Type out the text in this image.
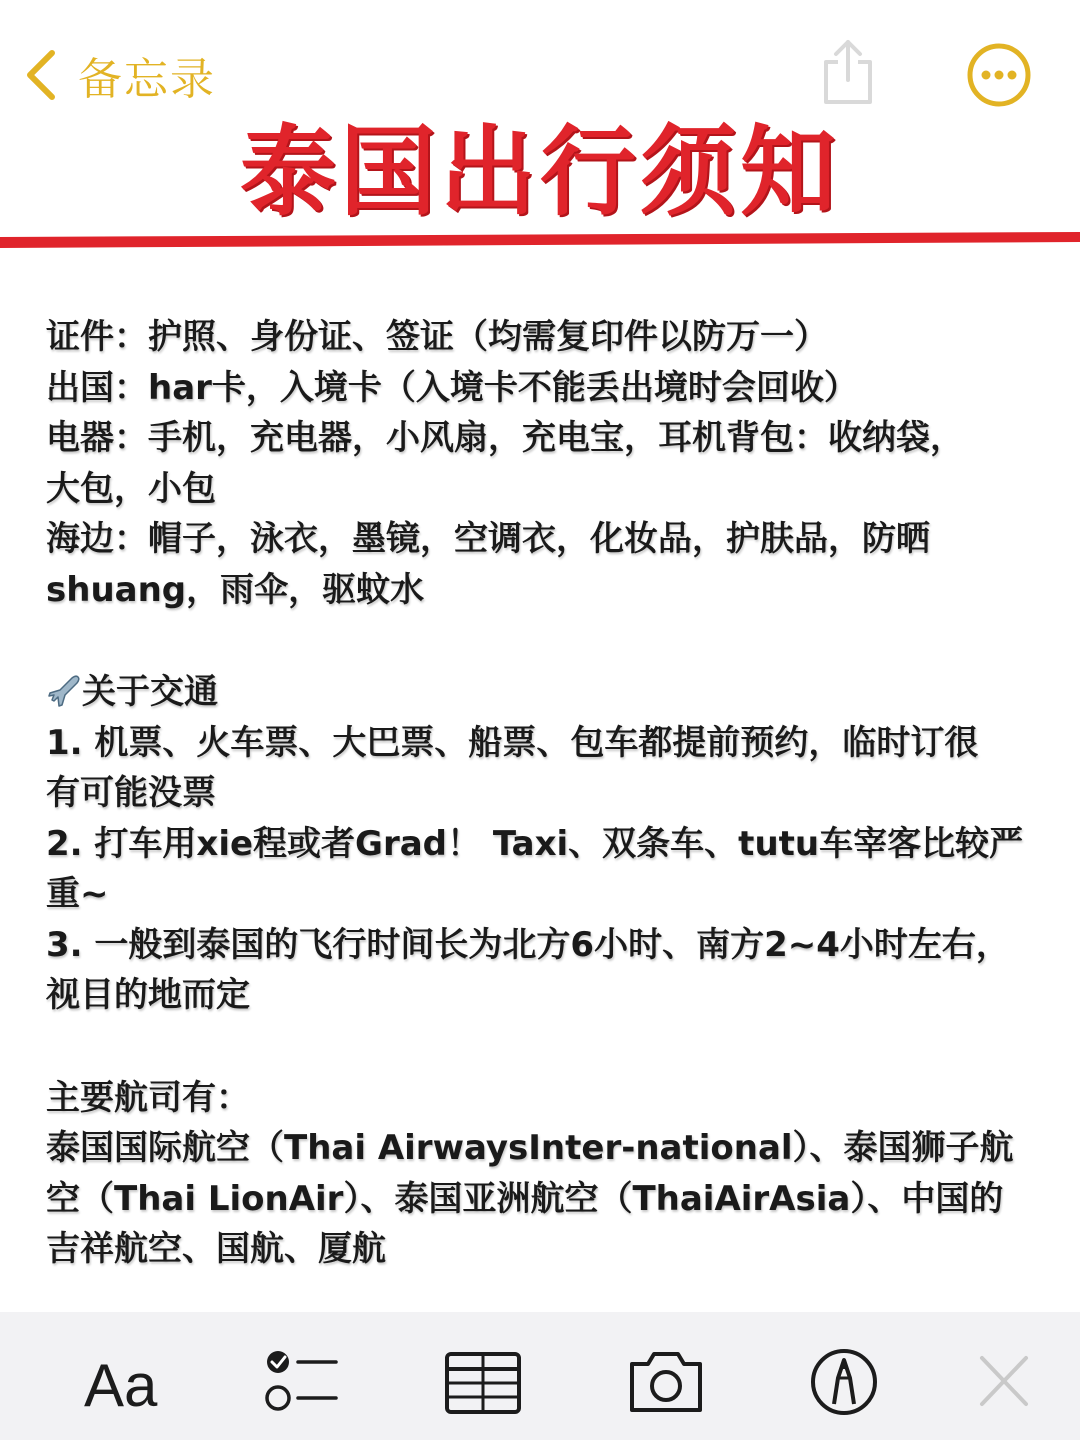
备忘录
泰国出行须知
证件：护照、身份证、签证（均需复印件以防万一）
出国：har卡，入境卡（入境卡不能丢出境时会回收）
电器：手机，充电器，小风扇，充电宝，耳机背包：收纳袋，
大包，小包
海边：帽子，泳衣，墨镜，空调衣，化妆品，护肤品，防晒
shuang，雨伞，驱蚊水
关于交通
1. 机票、火车票、大巴票、船票、包车都提前预约，临时订很
有可能没票
2. 打车用xie程或者Grad！ Taxi、双条车、tutu车宰客比较严
重~
3. 一般到泰国的飞行时间长为北方6小时、南方2~4小时左右，
视目的地而定
主要航司有：
泰国国际航空（Thai AirwaysInter-national）、泰国狮子航
空（Thai LionAir）、泰国亚洲航空（ThaiAirAsia）、中国的
吉祥航空、国航、厦航
Aa
